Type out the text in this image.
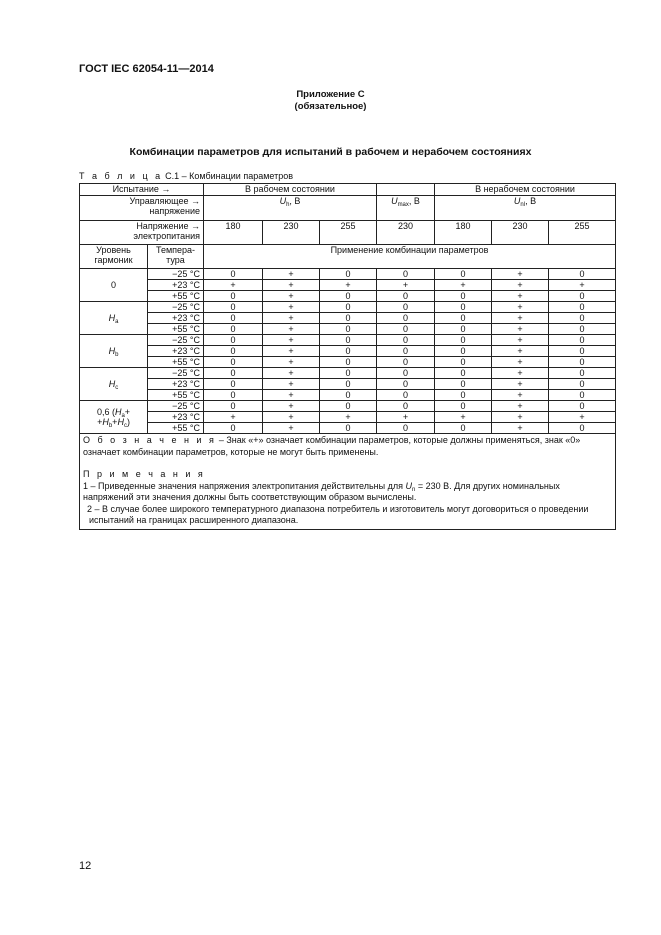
ГОСТ IEC 62054-11—2014
Приложение С
(обязательное)
Комбинации параметров для испытаний в рабочем и нерабочем состояниях
Т а б л и ц а С.1 – Комбинации параметров
Испытание →		В рабочем состоянии				В нерабочем состоянии		
Управляющее → напряжение		$U_h$, B			$U_{max}$, B	$U_{nl}$, B		
Напряжение → электропитания		180	230	255	230	180	230	255
Уровень гармоник	Темпера- тура	Применение комбинации параметров						
0	−25 °C	0	+	0	0	0	+	0
	+23 °C	+	+	+	+	+	+	+
	+55 °C	0	+	0	0	0	+	0
$H_a$	−25 °C	0	+	0	0	0	+	0
	+23 °C	0	+	0	0	0	+	0
	+55 °C	0	+	0	0	0	+	0
$H_b$	−25 °C	0	+	0	0	0	+	0
	+23 °C	0	+	0	0	0	+	0
	+55 °C	0	+	0	0	0	+	0
$H_c$	−25 °C	0	+	0	0	0	+	0
	+23 °C	0	+	0	0	0	+	0
	+55 °C	0	+	0	0	0	+	0
0,6 ($H_a+$
$+H_b+H_c$)	−25 °C	0	+	0	0	0	+	0
	+23 °C	+	+	+	+	+	+	+
	+55 °C	0	+	0	0	0	+	0

О б о з н а ч е н и я – Знак «+» означает комбинации параметров, которые должны применяться, знак «0» означает комбинации параметров, которые не могут быть применены.
П р и м е ч а н и я
1 – Приведенные значения напряжения электропитания действительны для $U_n = 230$ В. Для других номинальных напряжений эти значения должны быть соответствующим образом вычислены.
2 – В случае более широкого температурного диапазона потребитель и изготовитель могут договориться о проведении испытаний на границах расширенного диапазона.								
12
